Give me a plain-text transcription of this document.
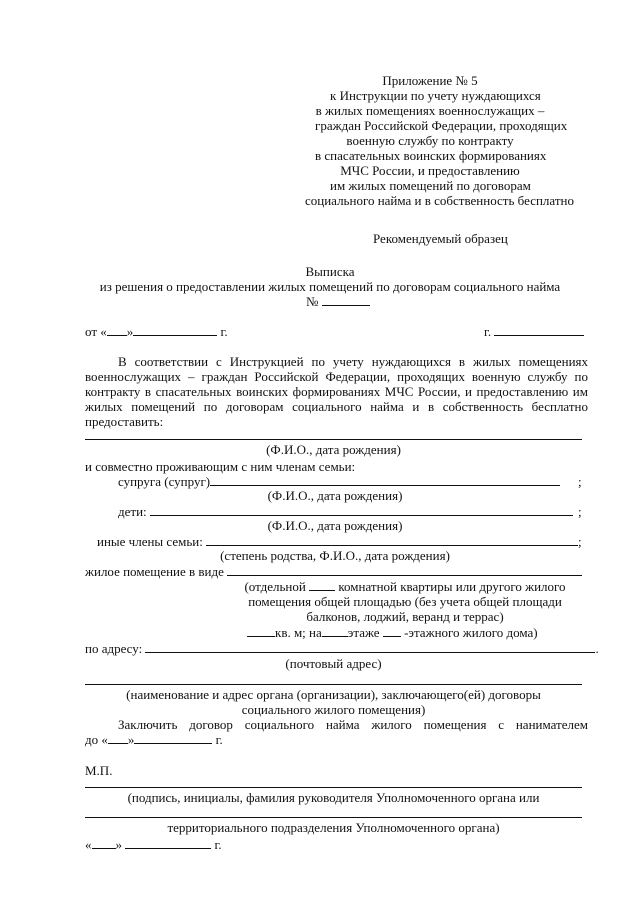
Приложение № 5
к Инструкции по учету нуждающихся
в жилых помещениях военнослужащих –
граждан Российской Федерации, проходящих
военную службу по контракту
в спасательных воинских формированиях
МЧС России, и предоставлению
им жилых помещений по договорам
социального найма и в собственность бесплатно
Рекомендуемый образец
Выписка
из решения о предоставлении жилых помещений по договорам социального найма
№
от « »	г.	г.
В соответствии с Инструкцией по учету нуждающихся в жилых помещениях военнослужащих – граждан Российской Федерации, проходящих военную службу по контракту в спасательных воинских формированиях МЧС России, и предоставлению им жилых помещений по договорам социального найма и в собственность бесплатно предоставить:
(Ф.И.О., дата рождения)
и совместно проживающим с ним членам семьи:
супруга (супруг)	;
(Ф.И.О., дата рождения)
дети:	;
(Ф.И.О., дата рождения)
иные члены семьи:	;
(степень родства, Ф.И.О., дата рождения)
жилое помещение в виде
(отдельной  комнатной квартиры или другого жилого
помещения общей площадью (без учета общей площади
балконов, лоджий, веранд и террас)
кв. м; на этаже  -этажного жилого дома)
по адресу:	.
(почтовый адрес)
(наименование и адрес органа (организации), заключающего(ей) договоры
социального жилого помещения)
Заключить договор социального найма жилого помещения с нанимателем
до « »	г.
М.П.
(подпись, инициалы, фамилия руководителя Уполномоченного органа или
территориального подразделения Уполномоченного органа)
« »	г.
